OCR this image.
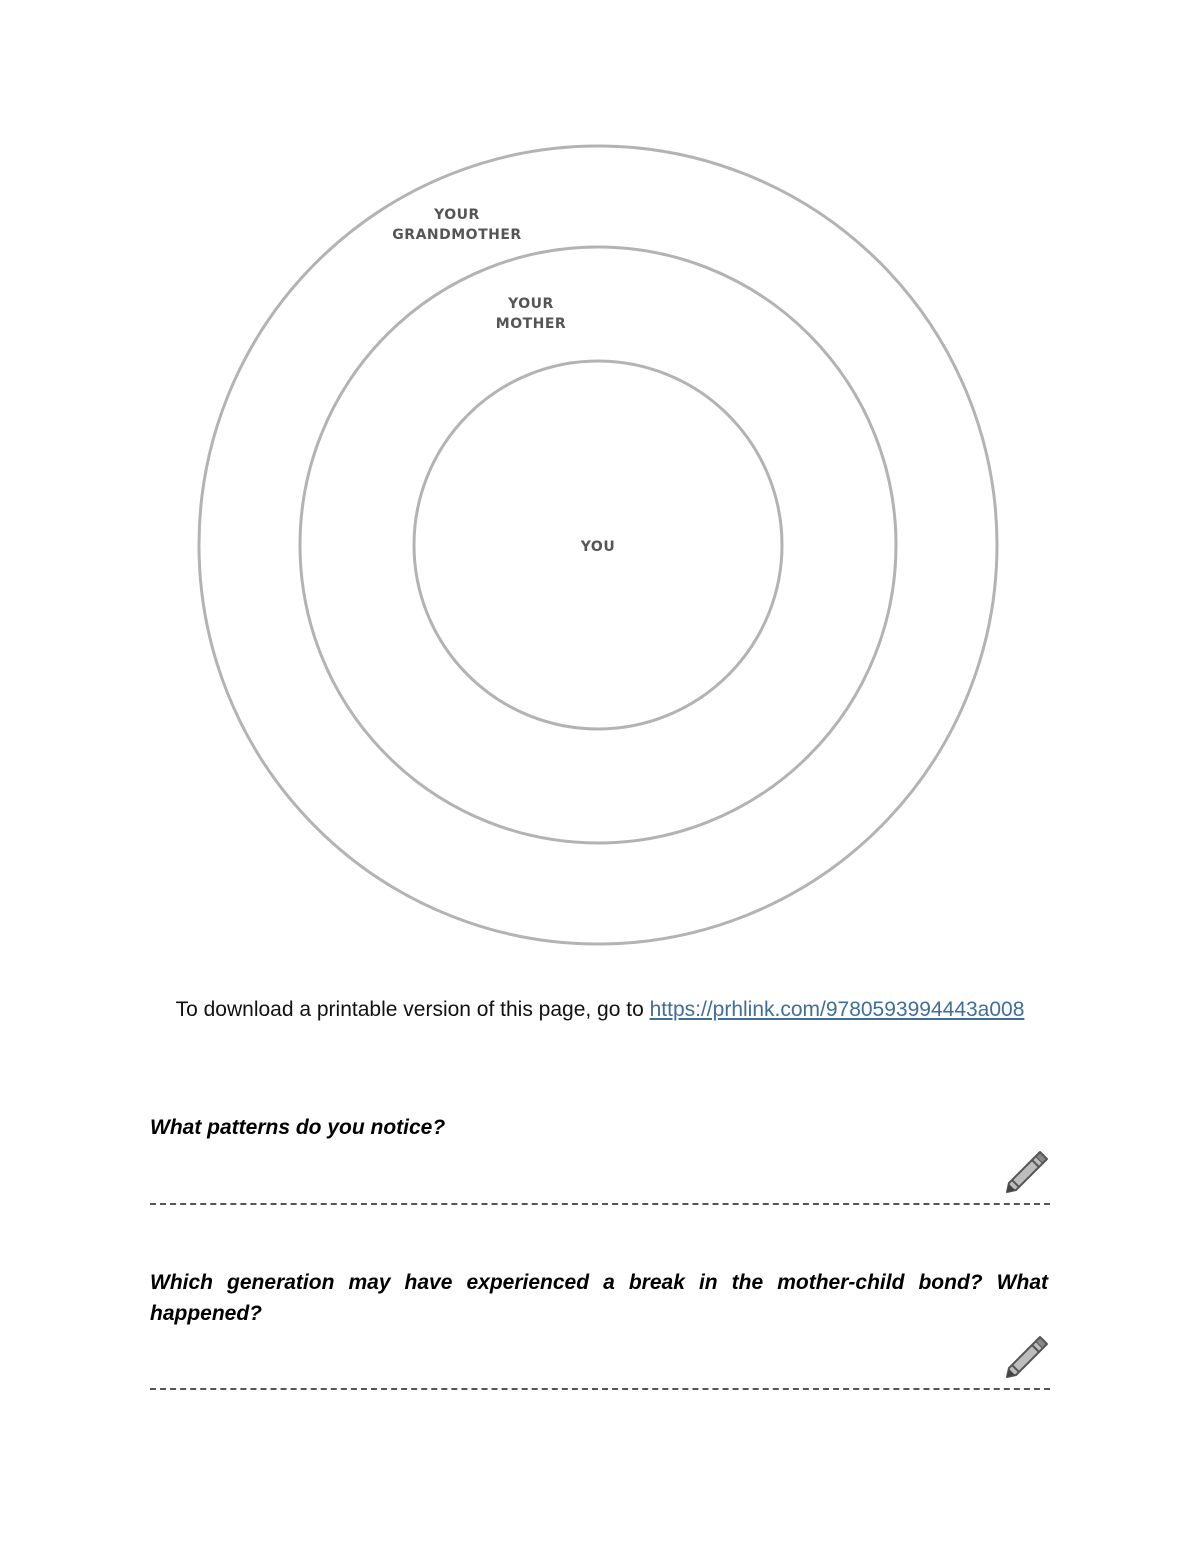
YOUR
GRANDMOTHER
YOUR
MOTHER
YOU
To download a printable version of this page, go to https://prhlink.com/9780593994443a008
What patterns do you notice?
Which generation may have experienced a break in the mother-child bond? What happened?
